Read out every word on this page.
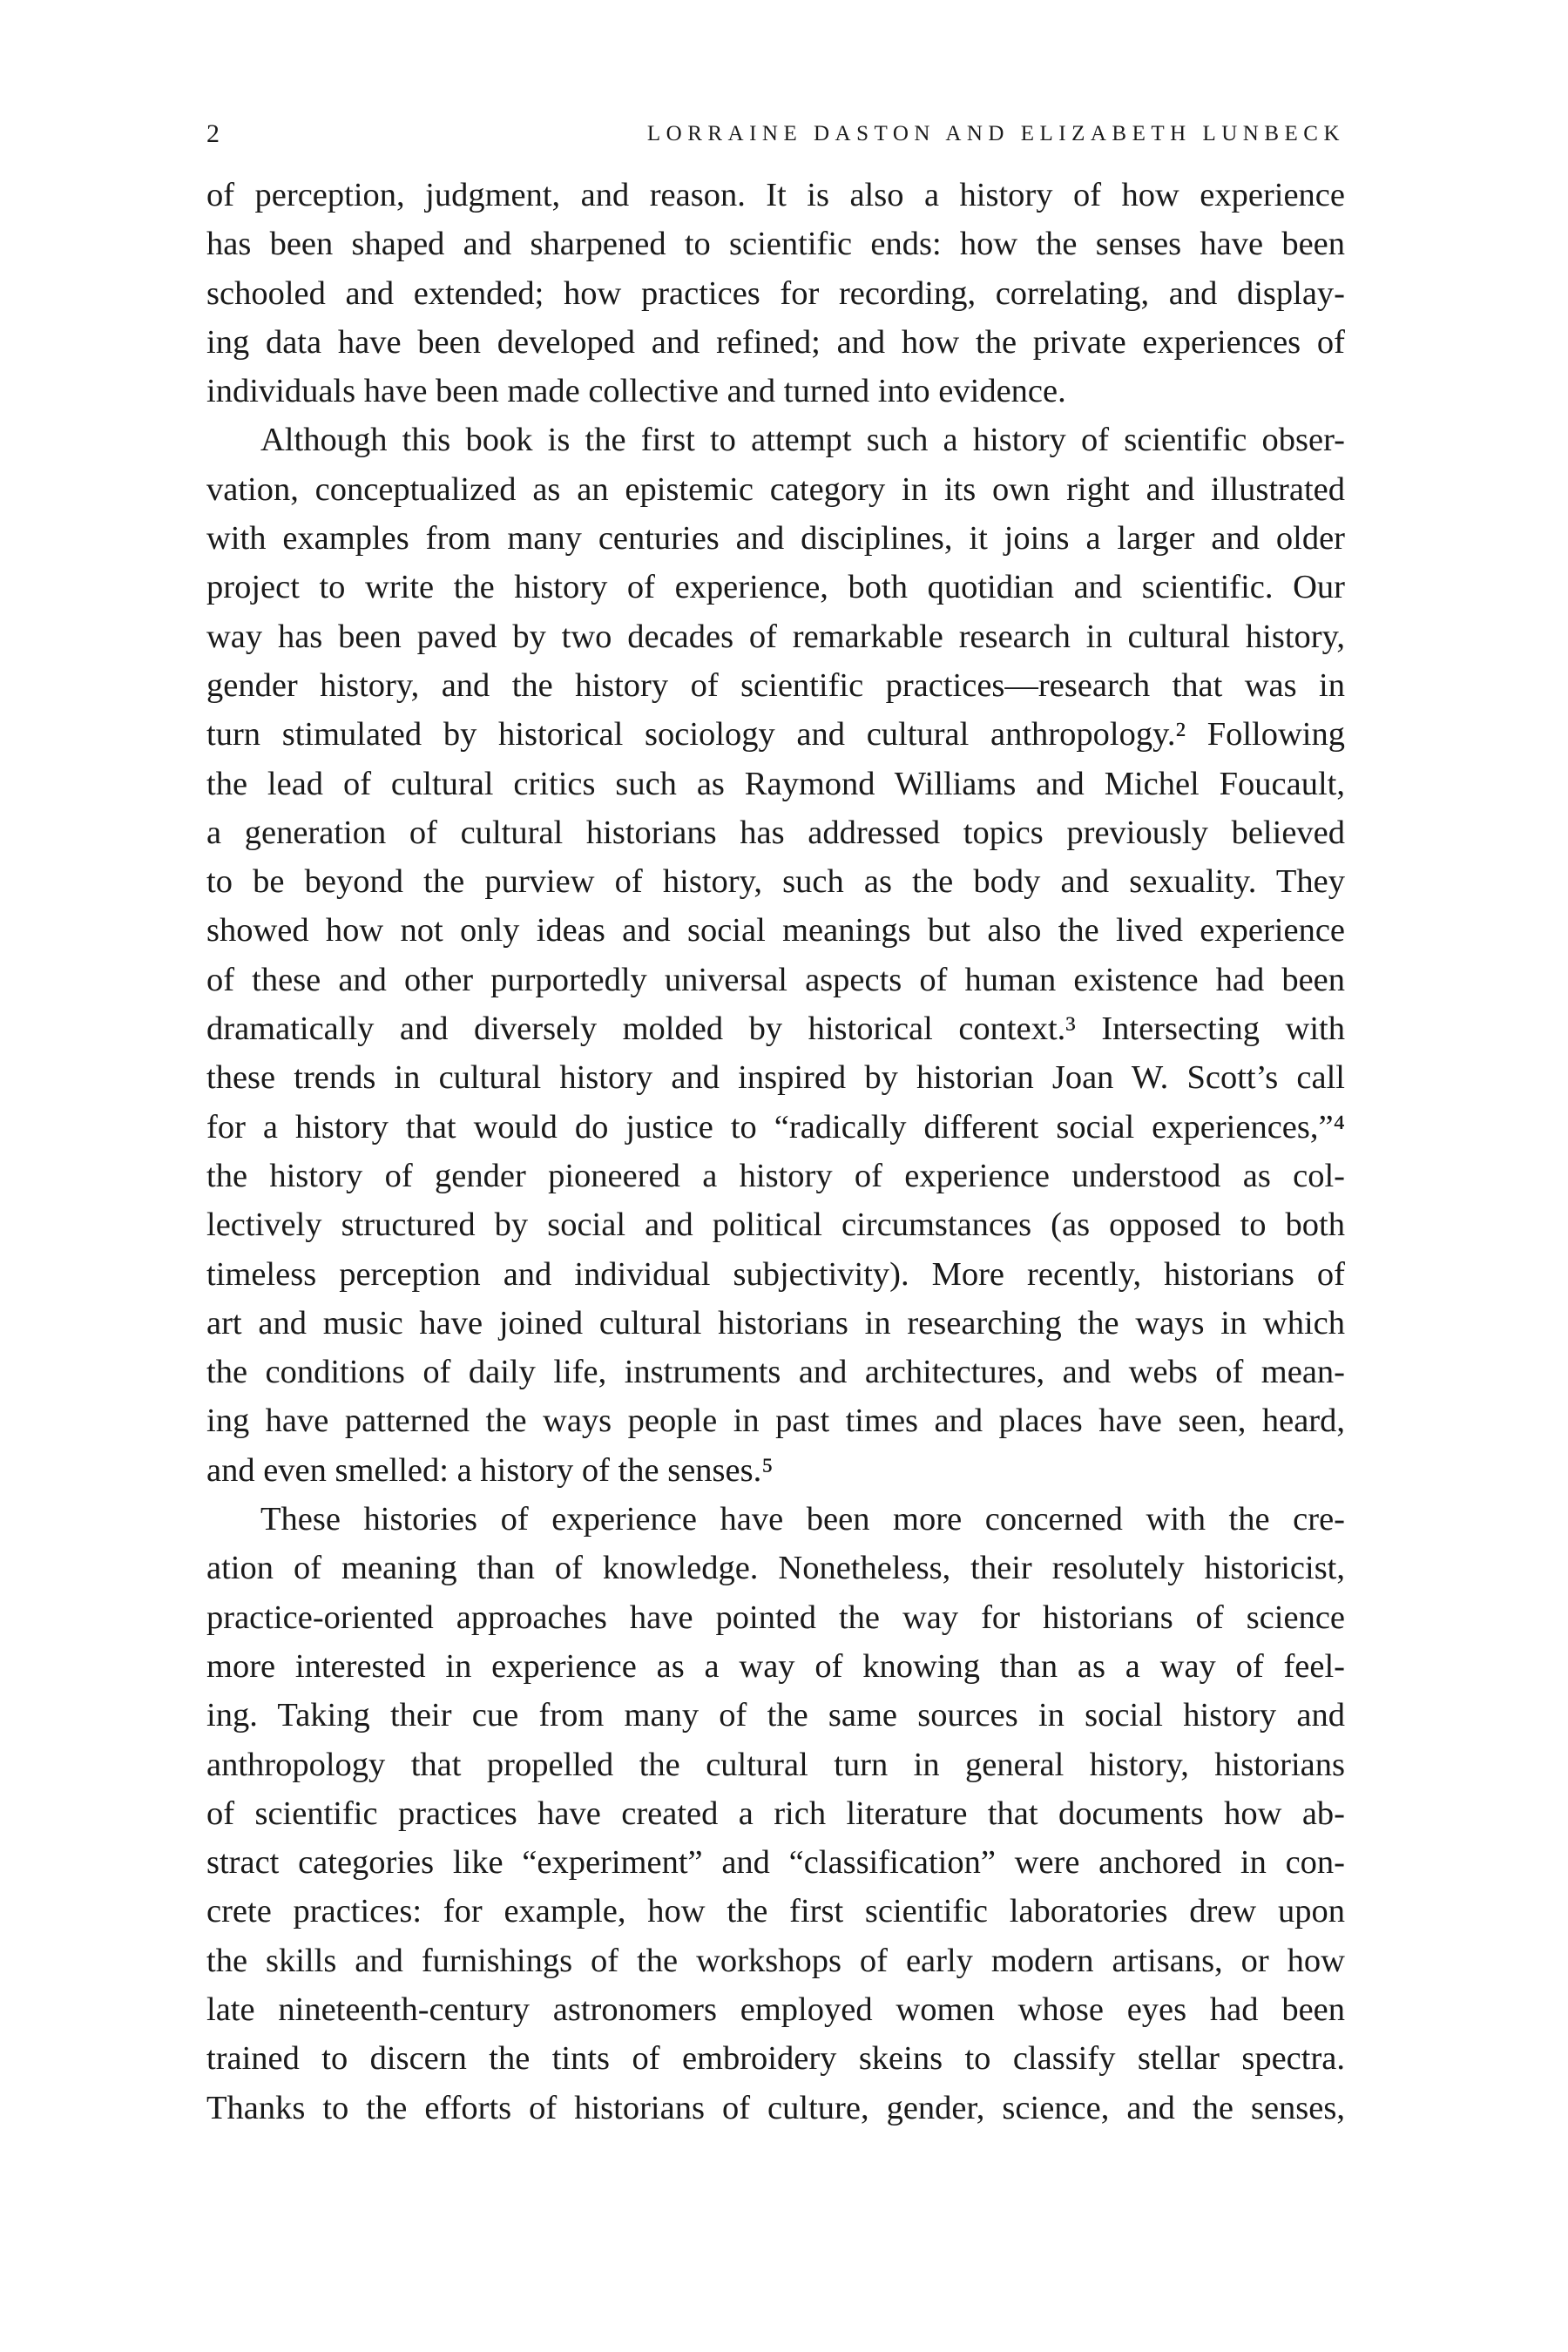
2	LORRAINE DASTON AND ELIZABETH LUNBECK
of perception, judgment, and reason. It is also a history of how experience
has been shaped and sharpened to scientific ends: how the senses have been
schooled and extended; how practices for recording, correlating, and display-
ing data have been developed and refined; and how the private experiences of
individuals have been made collective and turned into evidence.
Although this book is the first to attempt such a history of scientific obser-
vation, conceptualized as an epistemic category in its own right and illustrated
with examples from many centuries and disciplines, it joins a larger and older
project to write the history of experience, both quotidian and scientific. Our
way has been paved by two decades of remarkable research in cultural history,
gender history, and the history of scientific practices—research that was in
turn stimulated by historical sociology and cultural anthropology.² Following
the lead of cultural critics such as Raymond Williams and Michel Foucault,
a generation of cultural historians has addressed topics previously believed
to be beyond the purview of history, such as the body and sexuality. They
showed how not only ideas and social meanings but also the lived experience
of these and other purportedly universal aspects of human existence had been
dramatically and diversely molded by historical context.³ Intersecting with
these trends in cultural history and inspired by historian Joan W. Scott’s call
for a history that would do justice to “radically different social experiences,”⁴
the history of gender pioneered a history of experience understood as col-
lectively structured by social and political circumstances (as opposed to both
timeless perception and individual subjectivity). More recently, historians of
art and music have joined cultural historians in researching the ways in which
the conditions of daily life, instruments and architectures, and webs of mean-
ing have patterned the ways people in past times and places have seen, heard,
and even smelled: a history of the senses.⁵
These histories of experience have been more concerned with the cre-
ation of meaning than of knowledge. Nonetheless, their resolutely historicist,
practice-oriented approaches have pointed the way for historians of science
more interested in experience as a way of knowing than as a way of feel-
ing. Taking their cue from many of the same sources in social history and
anthropology that propelled the cultural turn in general history, historians
of scientific practices have created a rich literature that documents how ab-
stract categories like “experiment” and “classification” were anchored in con-
crete practices: for example, how the first scientific laboratories drew upon
the skills and furnishings of the workshops of early modern artisans, or how
late nineteenth-century astronomers employed women whose eyes had been
trained to discern the tints of embroidery skeins to classify stellar spectra.
Thanks to the efforts of historians of culture, gender, science, and the senses,
